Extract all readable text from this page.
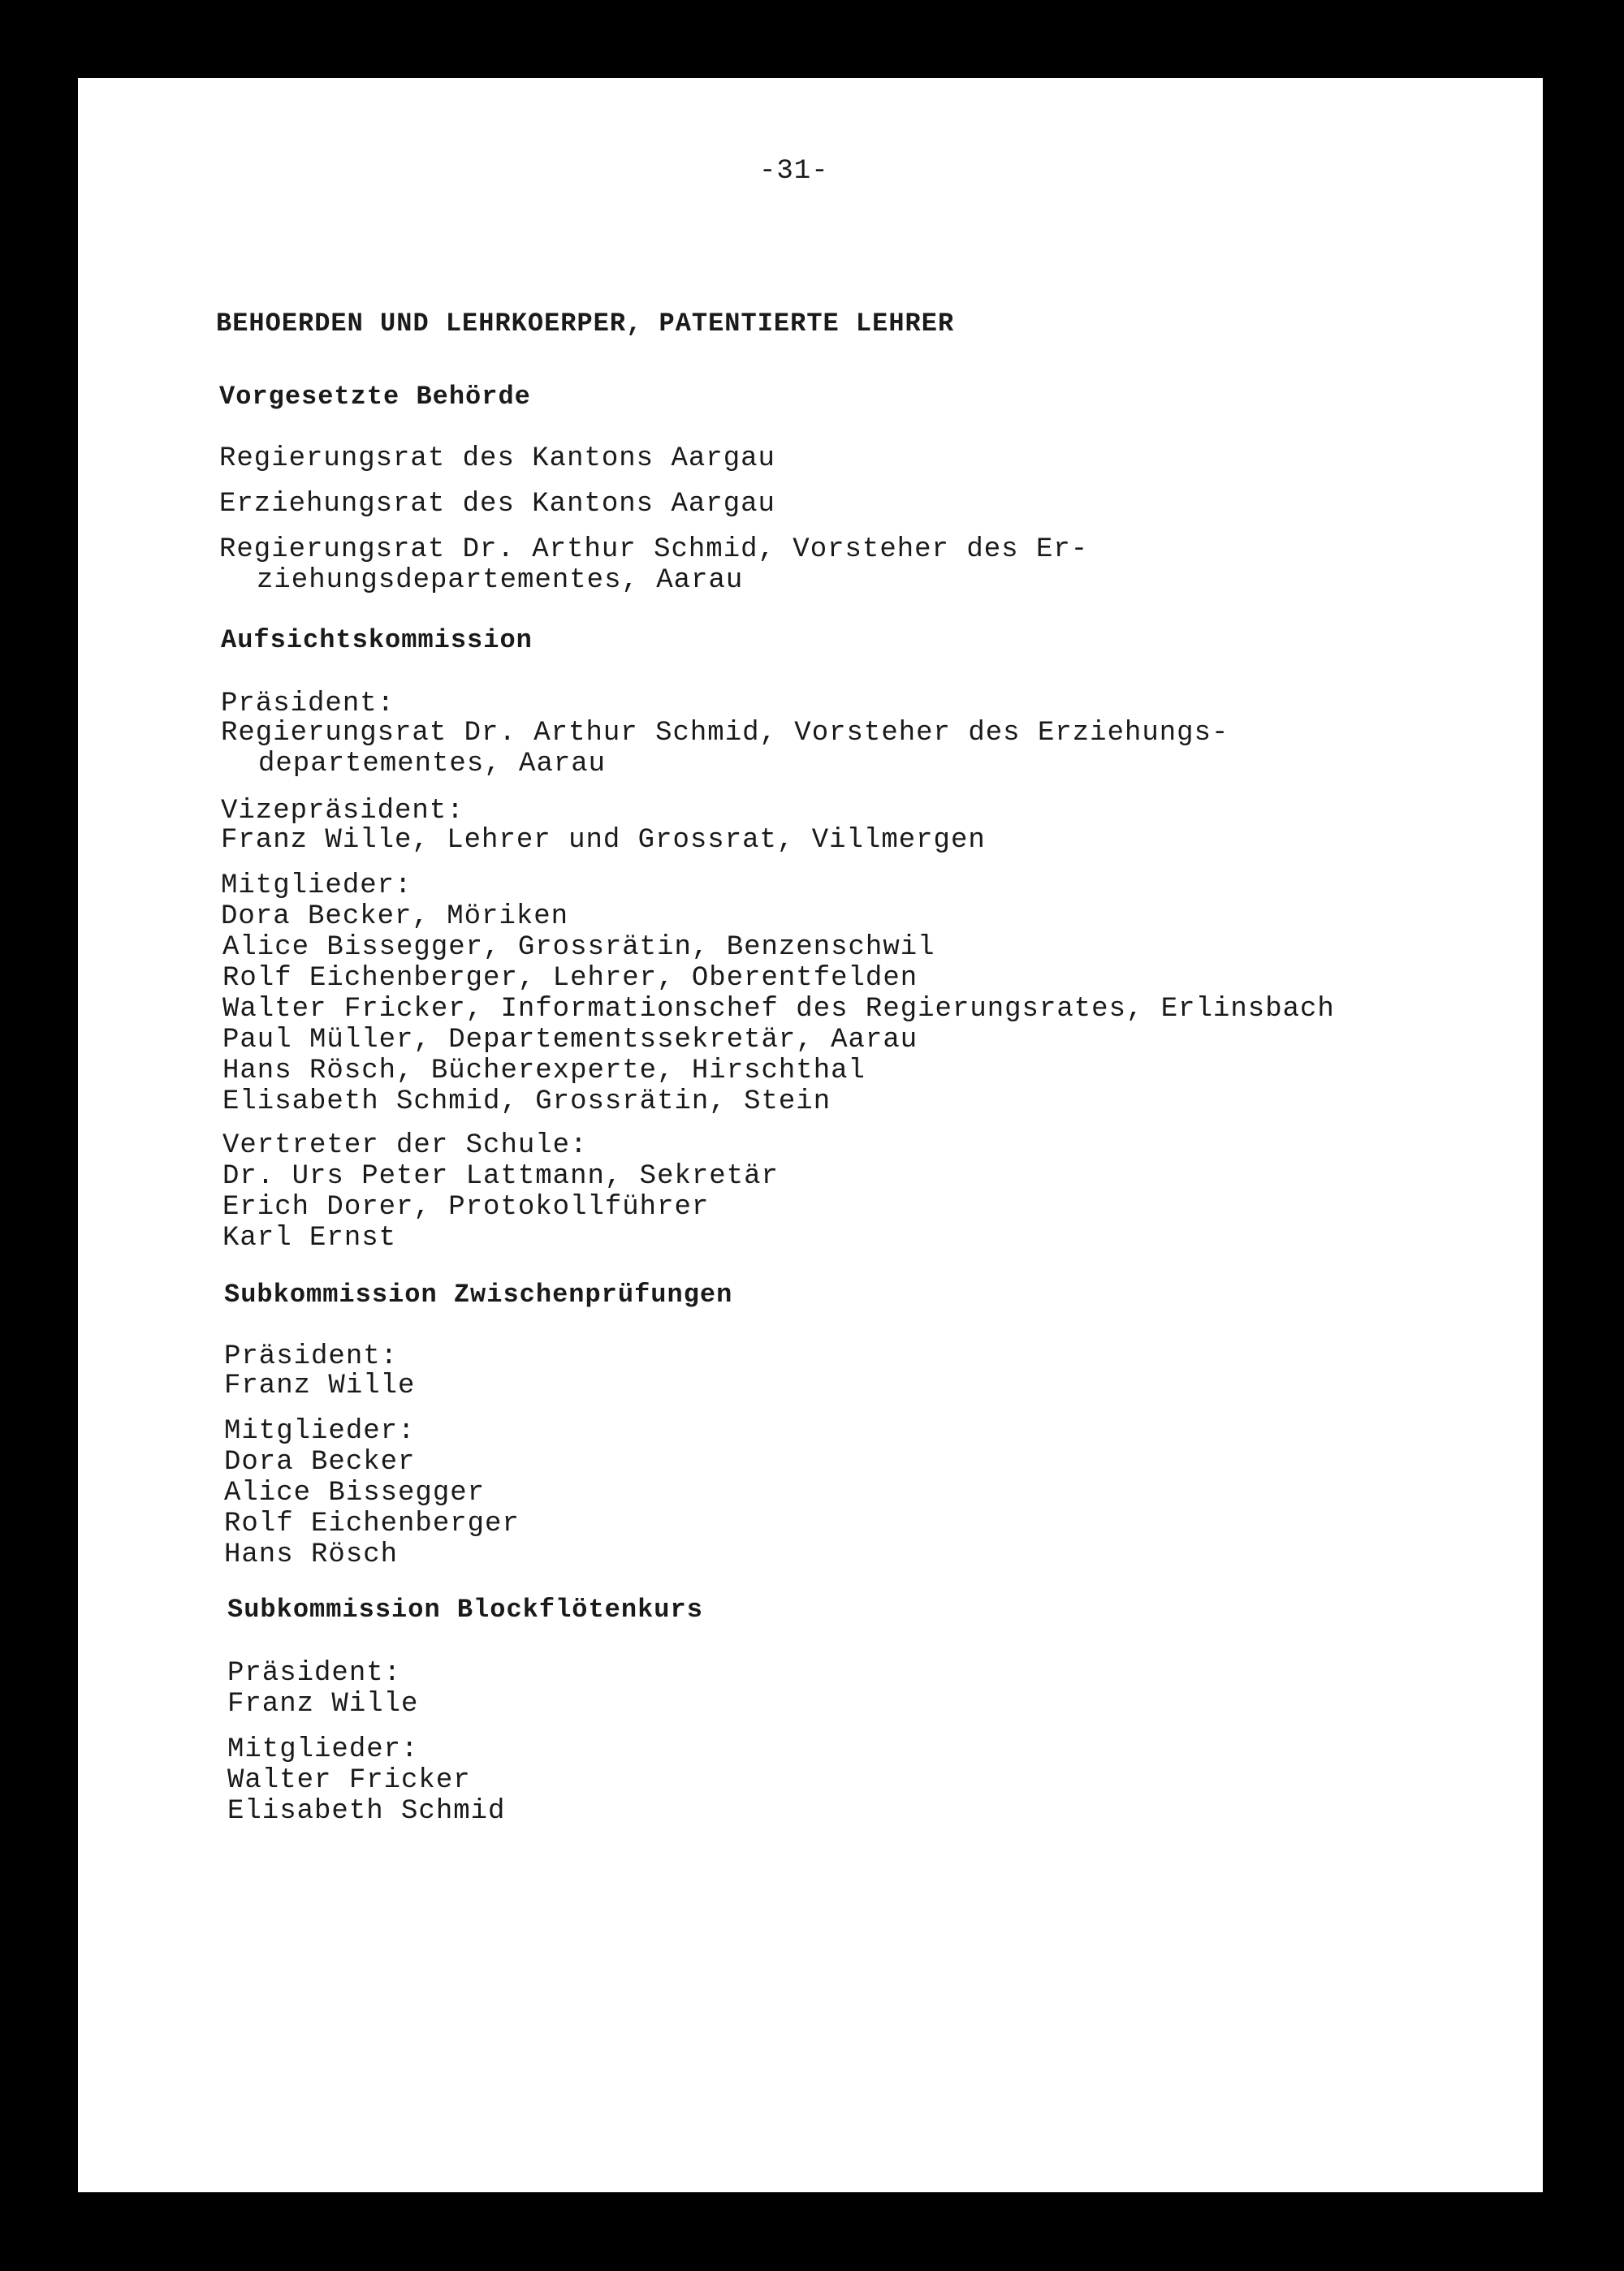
-31-
BEHOERDEN UND LEHRKOERPER, PATENTIERTE LEHRER
Vorgesetzte Behörde
Regierungsrat des Kantons Aargau
Erziehungsrat des Kantons Aargau
Regierungsrat Dr. Arthur Schmid, Vorsteher des Er-
ziehungsdepartementes, Aarau
Aufsichtskommission
Präsident:
Regierungsrat Dr. Arthur Schmid, Vorsteher des Erziehungs-
departementes, Aarau
Vizepräsident:
Franz Wille, Lehrer und Grossrat, Villmergen
Mitglieder:
Dora Becker, Möriken
Alice Bissegger, Grossrätin, Benzenschwil
Rolf Eichenberger, Lehrer, Oberentfelden
Walter Fricker, Informationschef des Regierungsrates, Erlinsbach
Paul Müller, Departementssekretär, Aarau
Hans Rösch, Bücherexperte, Hirschthal
Elisabeth Schmid, Grossrätin, Stein
Vertreter der Schule:
Dr. Urs Peter Lattmann, Sekretär
Erich Dorer, Protokollführer
Karl Ernst
Subkommission Zwischenprüfungen
Präsident:
Franz Wille
Mitglieder:
Dora Becker
Alice Bissegger
Rolf Eichenberger
Hans Rösch
Subkommission Blockflötenkurs
Präsident:
Franz Wille
Mitglieder:
Walter Fricker
Elisabeth Schmid
